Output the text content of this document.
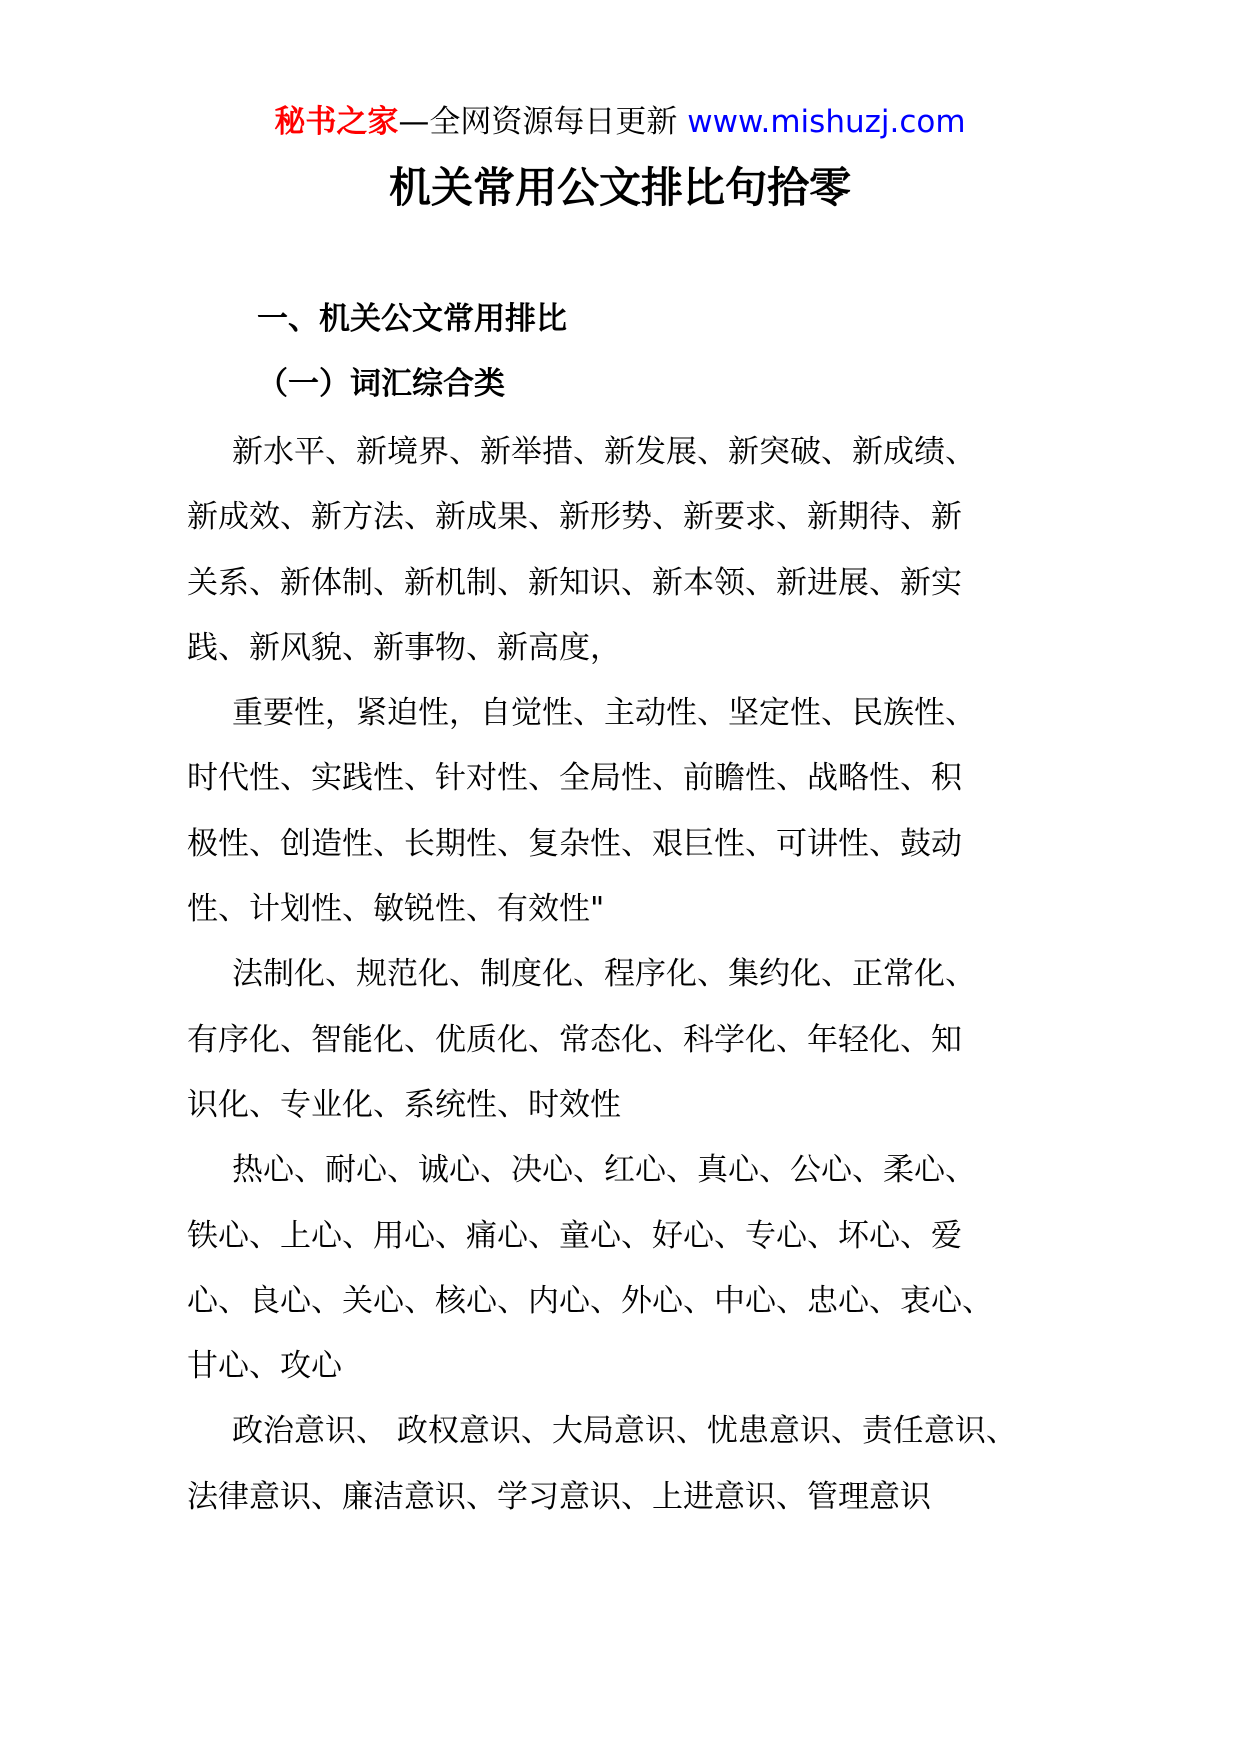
秘书之家—全网资源每日更新 www.mishuzj.com
机关常用公文排比句拾零
一、机关公文常用排比
（一）词汇综合类
新水平、新境界、新举措、新发展、新突破、新成绩、
新成效、新方法、新成果、新形势、新要求、新期待、新
关系、新体制、新机制、新知识、新本领、新进展、新实
践、新风貌、新事物、新高度，
重要性，紧迫性，自觉性、主动性、坚定性、民族性、
时代性、实践性、针对性、全局性、前瞻性、战略性、积
极性、创造性、长期性、复杂性、艰巨性、可讲性、鼓动
性、计划性、敏锐性、有效性"
法制化、规范化、制度化、程序化、集约化、正常化、
有序化、智能化、优质化、常态化、科学化、年轻化、知
识化、专业化、系统性、时效性
热心、耐心、诚心、决心、红心、真心、公心、柔心、
铁心、上心、用心、痛心、童心、好心、专心、坏心、爱
心、良心、关心、核心、内心、外心、中心、忠心、衷心、
甘心、攻心
政治意识、 政权意识、大局意识、忧患意识、责任意识、
法律意识、廉洁意识、学习意识、上进意识、管理意识
